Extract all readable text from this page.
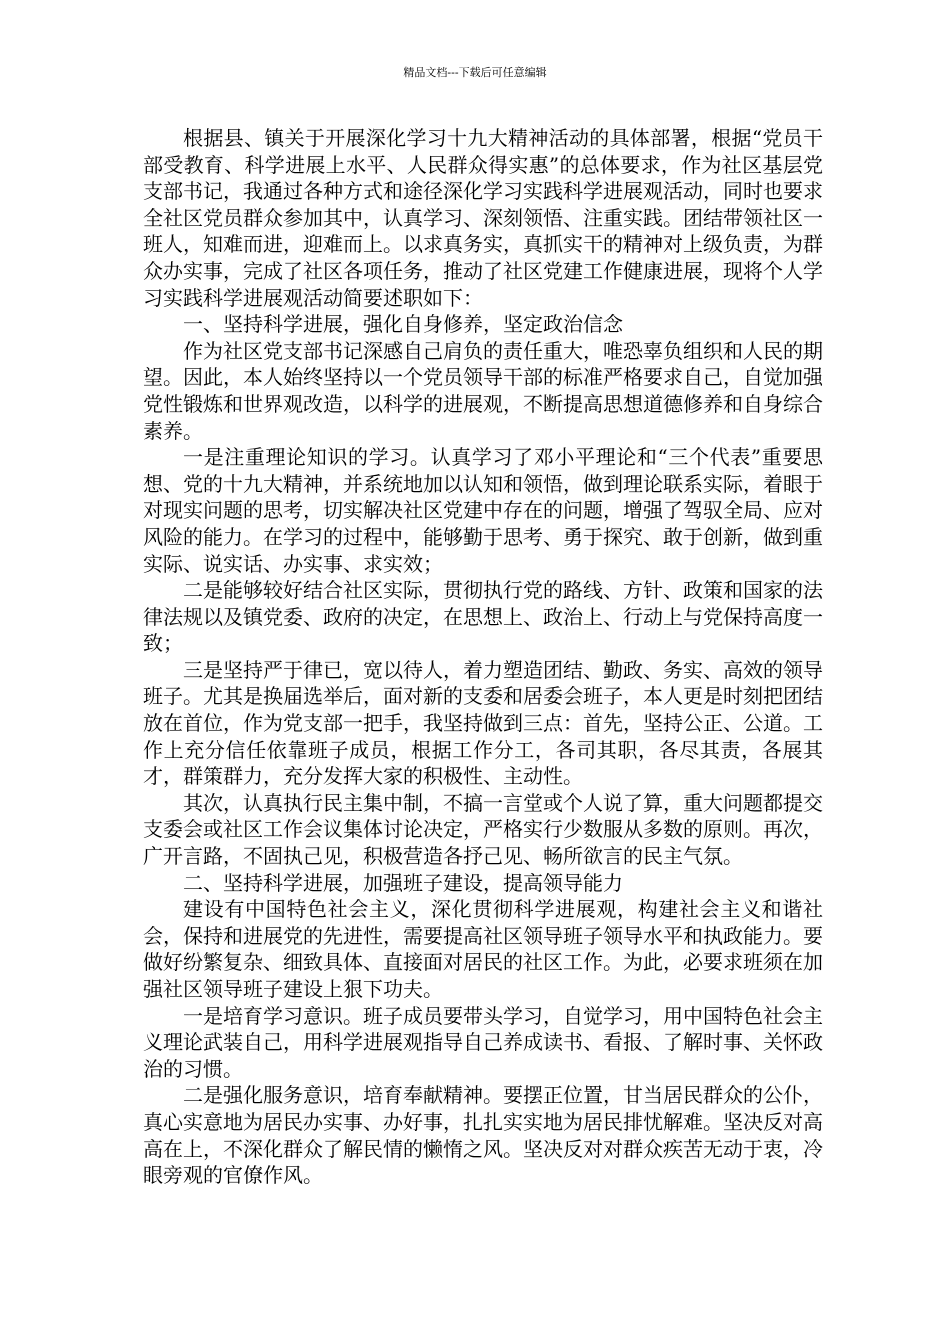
精品文档---下载后可任意编辑

根据县、镇关于开展深化学习十九大精神活动的具体部署，根据“党员干部受教育、科学进展上水平、人民群众得实惠”的总体要求，作为社区基层党支部书记，我通过各种方式和途径深化学习实践科学进展观活动，同时也要求全社区党员群众参加其中，认真学习、深刻领悟、注重实践。团结带领社区一班人，知难而进，迎难而上。以求真务实，真抓实干的精神对上级负责，为群众办实事，完成了社区各项任务，推动了社区党建工作健康进展，现将个人学习实践科学进展观活动简要述职如下：

一、坚持科学进展，强化自身修养，坚定政治信念

作为社区党支部书记深感自己肩负的责任重大，唯恐辜负组织和人民的期望。因此，本人始终坚持以一个党员领导干部的标准严格要求自己，自觉加强党性锻炼和世界观改造，以科学的进展观，不断提高思想道德修养和自身综合素养。

一是注重理论知识的学习。认真学习了邓小平理论和“三个代表”重要思想、党的十九大精神，并系统地加以认知和领悟，做到理论联系实际，着眼于对现实问题的思考，切实解决社区党建中存在的问题，增强了驾驭全局、应对风险的能力。在学习的过程中，能够勤于思考、勇于探究、敢于创新，做到重实际、说实话、办实事、求实效；

二是能够较好结合社区实际，贯彻执行党的路线、方针、政策和国家的法律法规以及镇党委、政府的决定，在思想上、政治上、行动上与党保持高度一致；

三是坚持严于律已，宽以待人，着力塑造团结、勤政、务实、高效的领导班子。尤其是换届选举后，面对新的支委和居委会班子，本人更是时刻把团结放在首位，作为党支部一把手，我坚持做到三点：首先，坚持公正、公道。工作上充分信任依靠班子成员，根据工作分工，各司其职，各尽其责，各展其才，群策群力，充分发挥大家的积极性、主动性。

其次，认真执行民主集中制，不搞一言堂或个人说了算，重大问题都提交支委会或社区工作会议集体讨论决定，严格实行少数服从多数的原则。再次，广开言路，不固执己见，积极营造各抒己见、畅所欲言的民主气氛。

二、坚持科学进展，加强班子建设，提高领导能力

建设有中国特色社会主义，深化贯彻科学进展观，构建社会主义和谐社会，保持和进展党的先进性，需要提高社区领导班子领导水平和执政能力。要做好纷繁复杂、细致具体、直接面对居民的社区工作。为此，必要求班须在加强社区领导班子建设上狠下功夫。

一是培育学习意识。班子成员要带头学习，自觉学习，用中国特色社会主义理论武装自己，用科学进展观指导自己养成读书、看报、了解时事、关怀政治的习惯。

二是强化服务意识，培育奉献精神。要摆正位置，甘当居民群众的公仆，真心实意地为居民办实事、办好事，扎扎实实地为居民排忧解难。坚决反对高高在上，不深化群众了解民情的懒惰之风。坚决反对对群众疾苦无动于衷，冷眼旁观的官僚作风。
